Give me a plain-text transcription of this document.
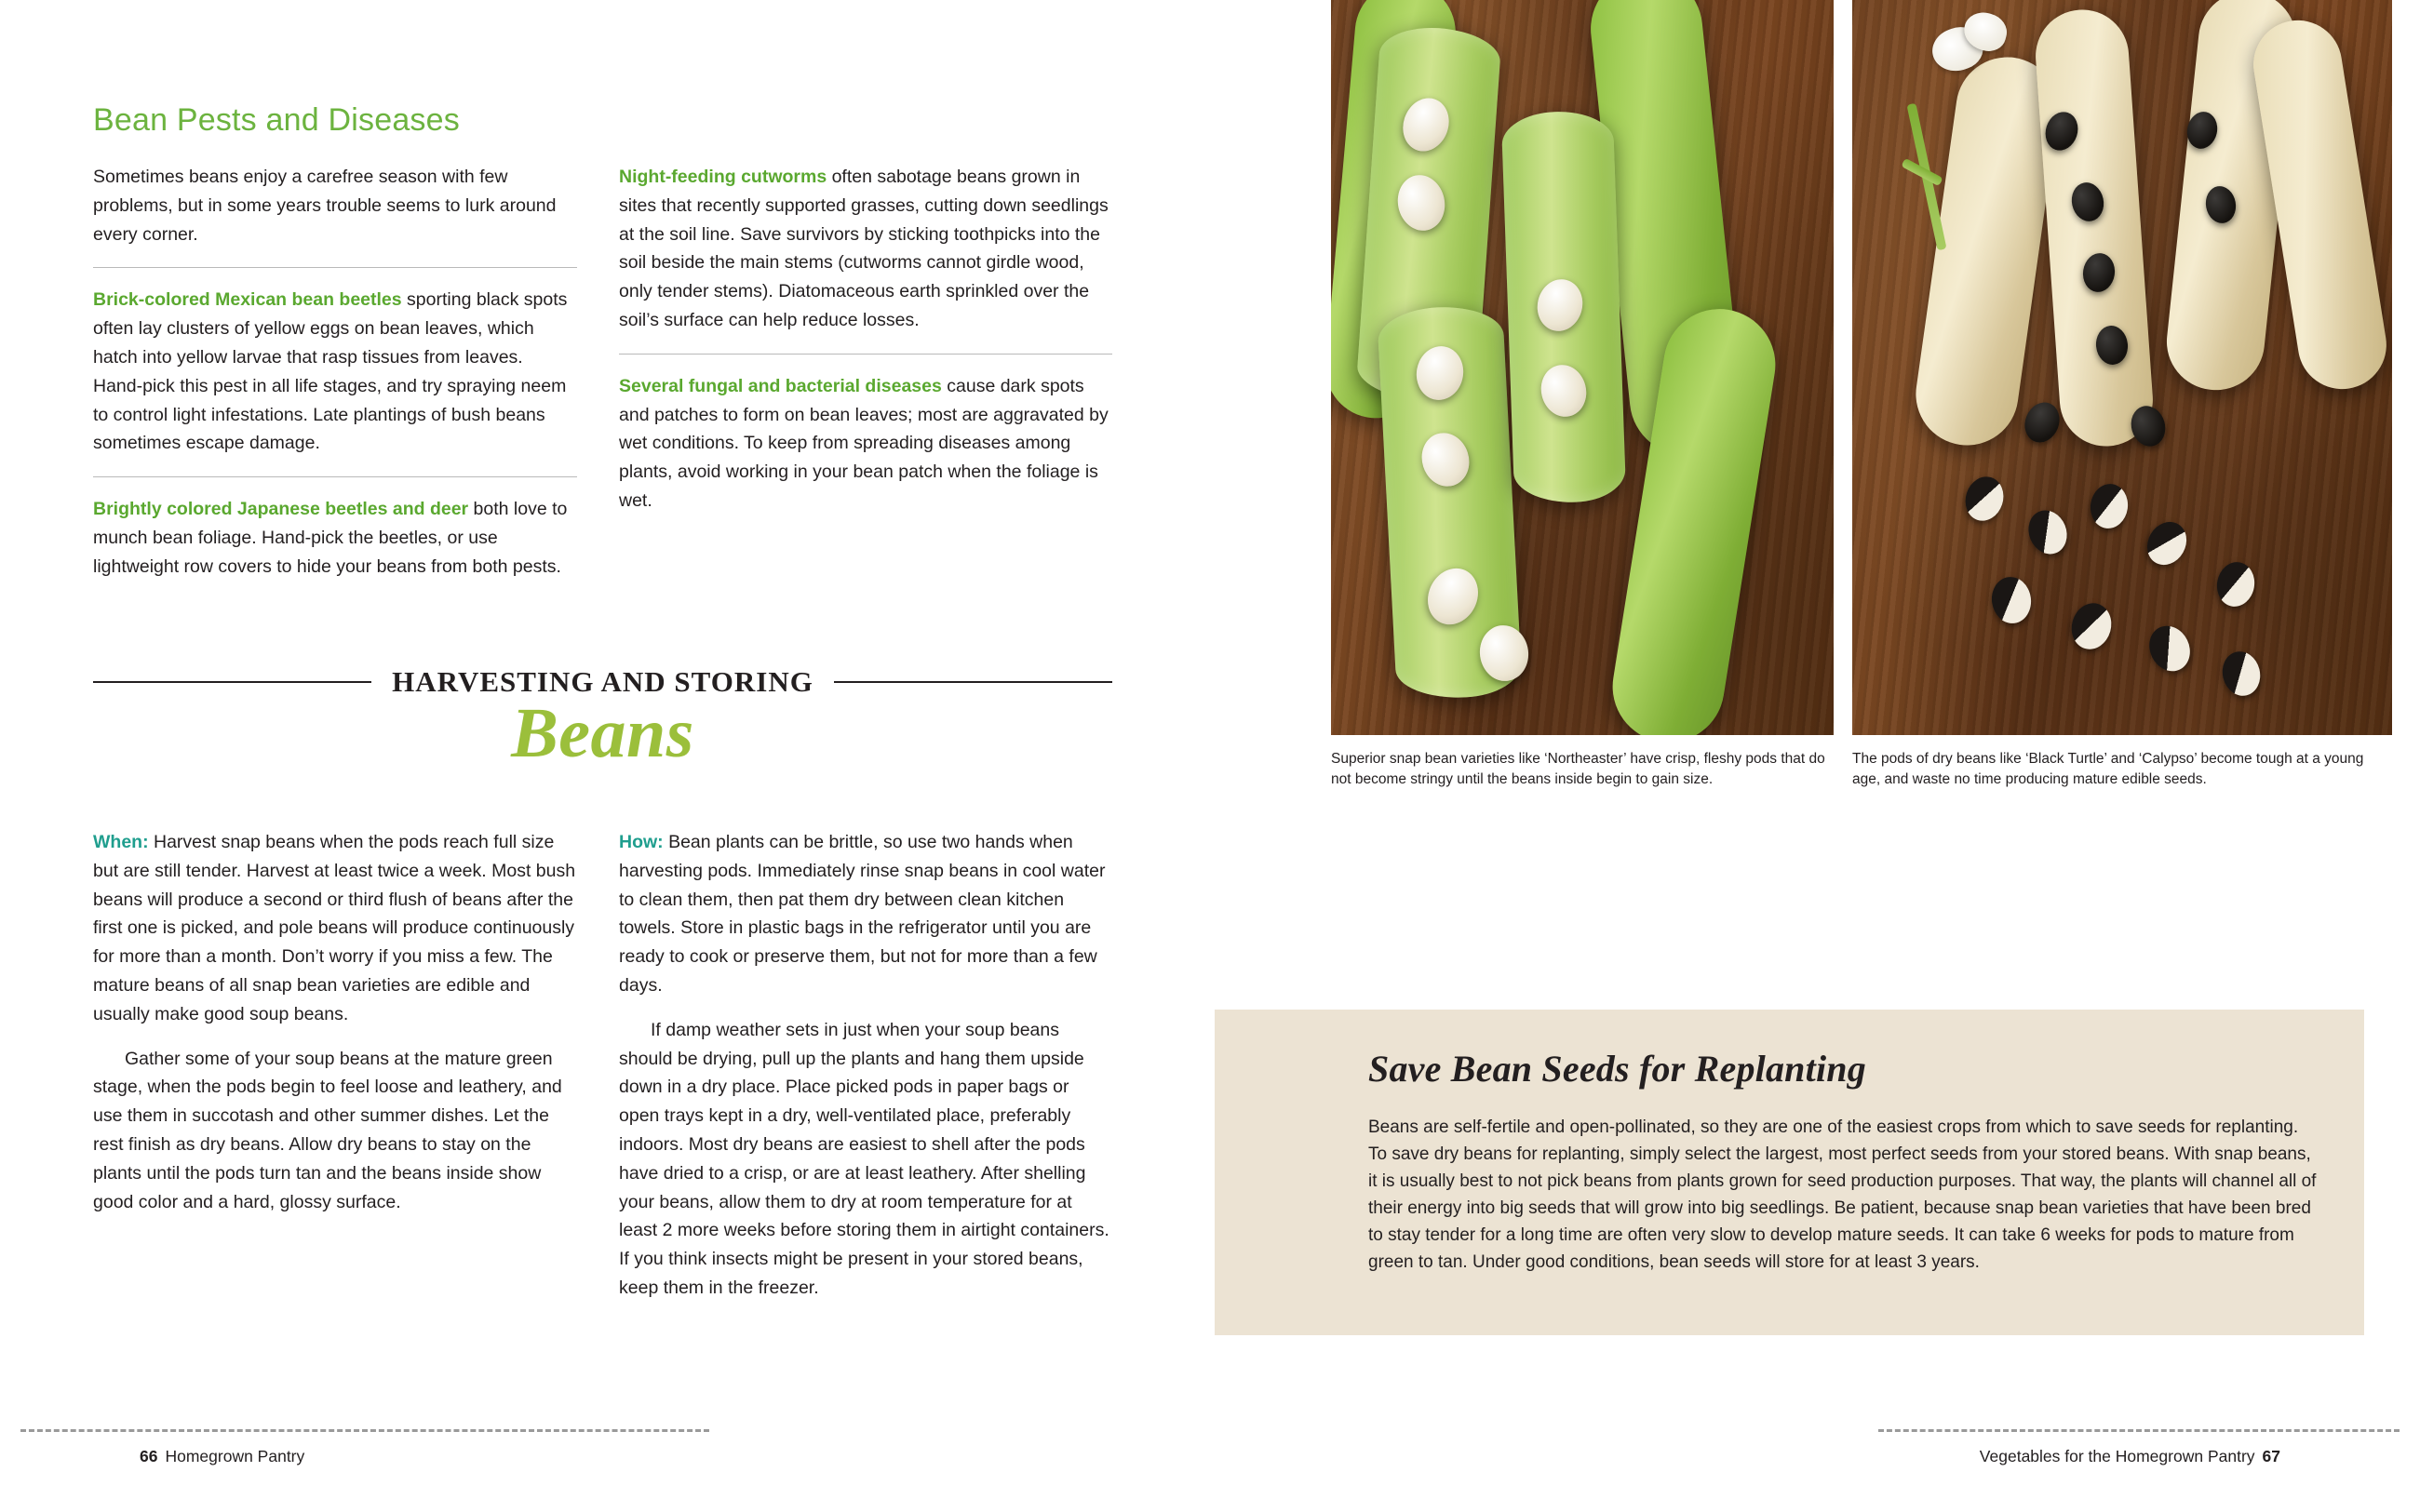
Bean Pests and Diseases
Sometimes beans enjoy a carefree season with few problems, but in some years trouble seems to lurk around every corner.
Brick-colored Mexican bean beetles sporting black spots often lay clusters of yellow eggs on bean leaves, which hatch into yellow larvae that rasp tissues from leaves. Hand-pick this pest in all life stages, and try spraying neem to control light infestations. Late plantings of bush beans sometimes escape damage.
Brightly colored Japanese beetles and deer both love to munch bean foliage. Hand-pick the beetles, or use lightweight row covers to hide your beans from both pests.
Night-feeding cutworms often sabotage beans grown in sites that recently supported grasses, cutting down seedlings at the soil line. Save survivors by sticking toothpicks into the soil beside the main stems (cutworms cannot girdle wood, only tender stems). Diatomaceous earth sprinkled over the soil’s surface can help reduce losses.
Several fungal and bacterial diseases cause dark spots and patches to form on bean leaves; most are aggravated by wet conditions. To keep from spreading diseases among plants, avoid working in your bean patch when the foliage is wet.
HARVESTING AND STORING
Beans
When: Harvest snap beans when the pods reach full size but are still tender. Harvest at least twice a week. Most bush beans will produce a second or third flush of beans after the first one is picked, and pole beans will produce continuously for more than a month. Don’t worry if you miss a few. The mature beans of all snap bean varieties are edible and usually make good soup beans.
Gather some of your soup beans at the mature green stage, when the pods begin to feel loose and leathery, and use them in succotash and other summer dishes. Let the rest finish as dry beans. Allow dry beans to stay on the plants until the pods turn tan and the beans inside show good color and a hard, glossy surface.
How: Bean plants can be brittle, so use two hands when harvesting pods. Immediately rinse snap beans in cool water to clean them, then pat them dry between clean kitchen towels. Store in plastic bags in the refrigerator until you are ready to cook or preserve them, but not for more than a few days.
If damp weather sets in just when your soup beans should be drying, pull up the plants and hang them upside down in a dry place. Place picked pods in paper bags or open trays kept in a dry, well-ventilated place, preferably indoors. Most dry beans are easiest to shell after the pods have dried to a crisp, or are at least leathery. After shelling your beans, allow them to dry at room temperature for at least 2 more weeks before storing them in airtight containers. If you think insects might be present in your stored beans, keep them in the freezer.
66 Homegrown Pantry
Superior snap bean varieties like ‘Northeaster’ have crisp, fleshy pods that do not become stringy until the beans inside begin to gain size.
The pods of dry beans like ‘Black Turtle’ and ‘Calypso’ become tough at a young age, and waste no time producing mature edible seeds.
Save Bean Seeds for Replanting
Beans are self-fertile and open-pollinated, so they are one of the easiest crops from which to save seeds for replanting. To save dry beans for replanting, simply select the largest, most perfect seeds from your stored beans. With snap beans, it is usually best to not pick beans from plants grown for seed production purposes. That way, the plants will channel all of their energy into big seeds that will grow into big seedlings. Be patient, because snap bean varieties that have been bred to stay tender for a long time are often very slow to develop mature seeds. It can take 6 weeks for pods to mature from green to tan. Under good conditions, bean seeds will store for at least 3 years.
Vegetables for the Homegrown Pantry 67
